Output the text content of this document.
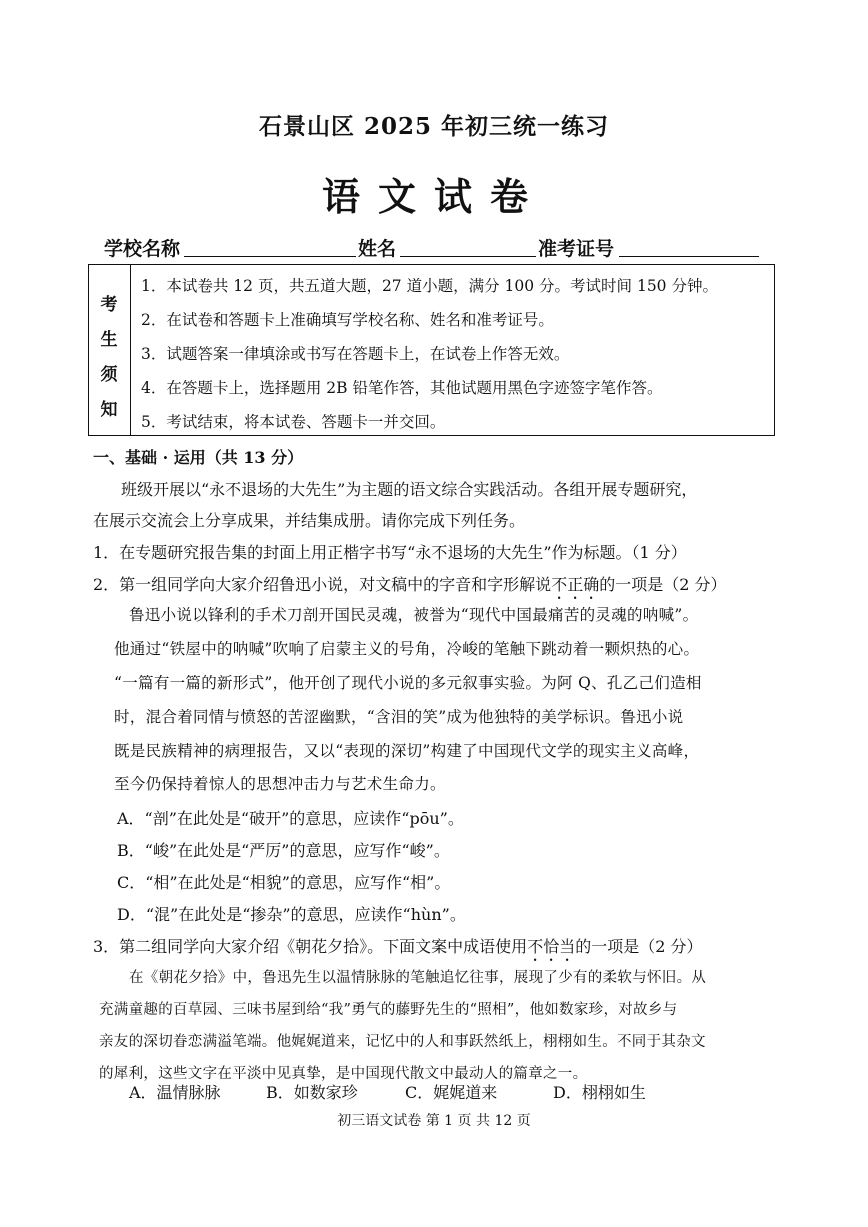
石景山区 2025 年初三统一练习
语文试卷
学校名称	姓名	准考证号
考
生
须
知
1．本试卷共 12 页，共五道大题，27 道小题，满分 100 分。考试时间 150 分钟。
2．在试卷和答题卡上准确填写学校名称、姓名和准考证号。
3．试题答案一律填涂或书写在答题卡上，在试卷上作答无效。
4．在答题卡上，选择题用 2B 铅笔作答，其他试题用黑色字迹签字笔作答。
5．考试结束，将本试卷、答题卡一并交回。
一、基础 · 运用（共 13 分）
班级开展以“永不退场的大先生”为主题的语文综合实践活动。各组开展专题研究，
在展示交流会上分享成果，并结集成册。请你完成下列任务。
1．在专题研究报告集的封面上用正楷字书写“永不退场的大先生”作为标题。（1 分）
2．第一组同学向大家介绍鲁迅小说，对文稿中的字音和字形解说不正确的一项是（2 分）
鲁迅小说以锋利的手术刀剖开国民灵魂，被誉为“现代中国最痛苦的灵魂的呐喊”。
他通过“铁屋中的呐喊”吹响了启蒙主义的号角，冷峻的笔触下跳动着一颗炽热的心。
“一篇有一篇的新形式”，他开创了现代小说的多元叙事实验。为阿 Q、孔乙己们造相
时，混合着同情与愤怒的苦涩幽默，“含泪的笑”成为他独特的美学标识。鲁迅小说
既是民族精神的病理报告，又以“表现的深切”构建了中国现代文学的现实主义高峰，
至今仍保持着惊人的思想冲击力与艺术生命力。
A．“剖”在此处是“破开”的意思，应读作“pōu”。
B．“峻”在此处是“严厉”的意思，应写作“峻”。
C．“相”在此处是“相貌”的意思，应写作“相”。
D．“混”在此处是“掺杂”的意思，应读作“hùn”。
3．第二组同学向大家介绍《朝花夕拾》。下面文案中成语使用不恰当的一项是（2 分）
在《朝花夕拾》中，鲁迅先生以温情脉脉的笔触追忆往事，展现了少有的柔软与怀旧。从
充满童趣的百草园、三味书屋到给“我”勇气的藤野先生的“照相”，他如数家珍，对故乡与
亲友的深切眷恋满溢笔端。他娓娓道来，记忆中的人和事跃然纸上，栩栩如生。不同于其杂文
的犀利，这些文字在平淡中见真挚，是中国现代散文中最动人的篇章之一。
A．温情脉脉	B．如数家珍	C．娓娓道来	D．栩栩如生
初三语文试卷 第 1 页 共 12 页
